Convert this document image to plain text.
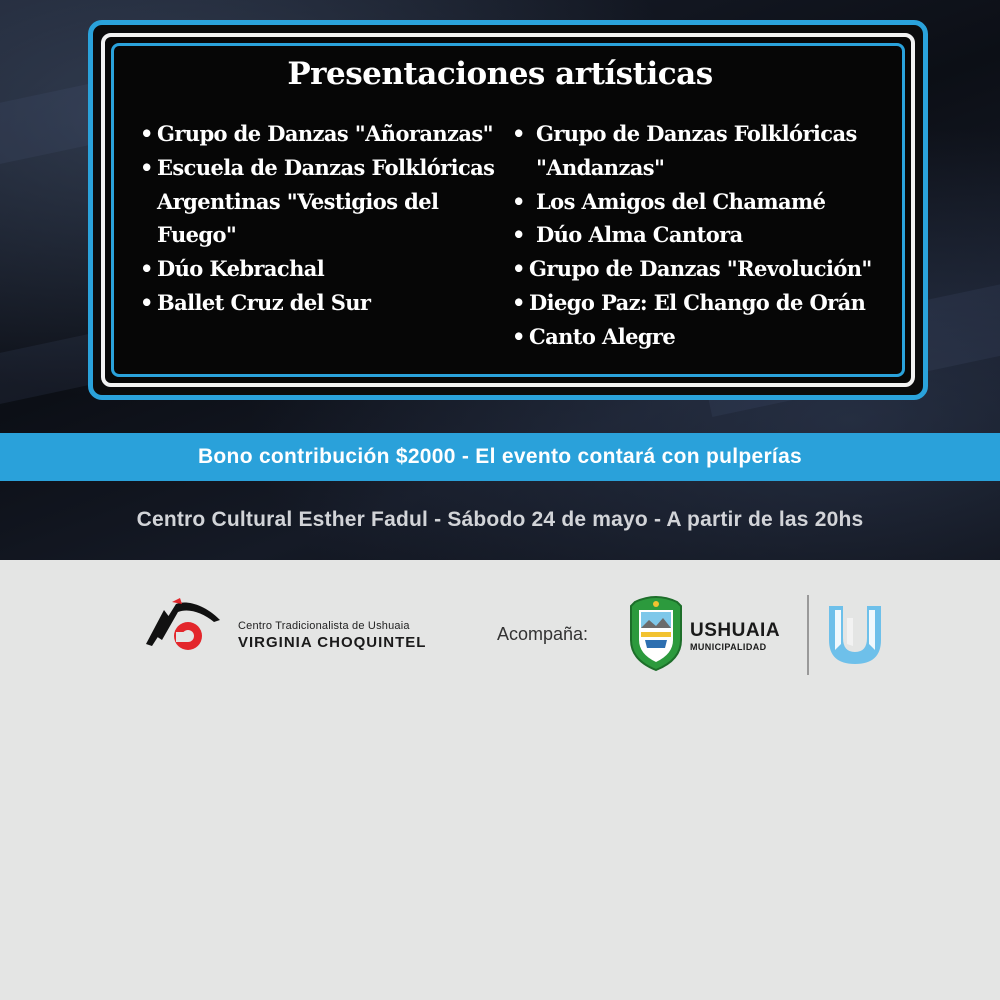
Presentaciones artísticas
• Grupo de Danzas "Añoranzas"
• Escuela de Danzas Folklóricas
Argentinas "Vestigios del
Fuego"
• Dúo Kebrachal
• Ballet Cruz del Sur
• Grupo de Danzas Folklóricas
"Andanzas"
• Los Amigos del Chamamé
• Dúo Alma Cantora
• Grupo de Danzas "Revolución"
• Diego Paz: El Chango de Orán
• Canto Alegre
Bono contribución $2000 - El evento contará con pulperías
Centro Cultural Esther Fadul - Sábodo 24 de mayo - A partir de las 20hs
Centro Tradicionalista de Ushuaia
VIRGINIA CHOQUINTEL	Acompaña:	USHUAIA
MUNICIPALIDAD
